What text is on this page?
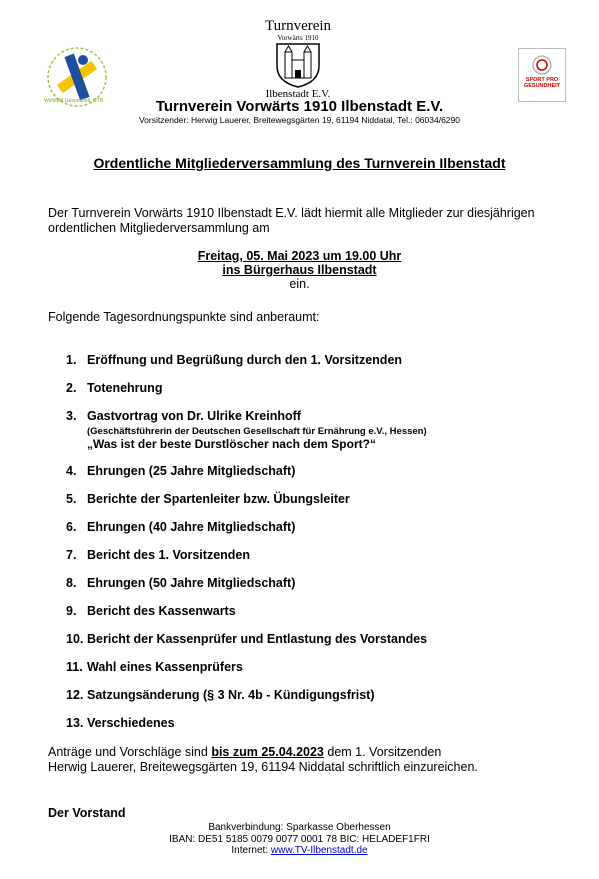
Wohlfühl Gesundheit. DTB
Turnverein
Vorwärts 1910
Ilbenstadt E.V.
SPORT PRO GESUNDHEIT
Turnverein Vorwärts 1910 Ilbenstadt E.V.
Vorsitzender: Herwig Lauerer, Breitewegsgärten 19, 61194 Niddatal, Tel.: 06034/6290
Ordentliche Mitgliederversammlung des Turnverein Ilbenstadt
Der Turnverein Vorwärts 1910 Ilbenstadt E.V. lädt hiermit alle Mitglieder zur diesjährigen
ordentlichen Mitgliederversammlung am
Freitag, 05. Mai 2023 um 19.00 Uhr
ins Bürgerhaus Ilbenstadt
ein.
Folgende Tagesordnungspunkte sind anberaumt:
1. Eröffnung und Begrüßung durch den 1. Vorsitzenden
2. Totenehrung
3. Gastvortrag von Dr. Ulrike Kreinhoff
(Geschäftsführerin der Deutschen Gesellschaft für Ernährung e.V., Hessen)
„Was ist der beste Durstlöscher nach dem Sport?“
4. Ehrungen (25 Jahre Mitgliedschaft)
5. Berichte der Spartenleiter bzw. Übungsleiter
6. Ehrungen (40 Jahre Mitgliedschaft)
7. Bericht des 1. Vorsitzenden
8. Ehrungen (50 Jahre Mitgliedschaft)
9. Bericht des Kassenwarts
10. Bericht der Kassenprüfer und Entlastung des Vorstandes
11. Wahl eines Kassenprüfers
12. Satzungsänderung (§ 3 Nr. 4b - Kündigungsfrist)
13. Verschiedenes
Anträge und Vorschläge sind bis zum 25.04.2023 dem 1. Vorsitzenden
Herwig Lauerer, Breitewegsgärten 19, 61194 Niddatal schriftlich einzureichen.
Der Vorstand
Bankverbindung: Sparkasse Oberhessen
IBAN: DE51 5185 0079 0077 0001 78 BIC: HELADEF1FRI
Internet: www.TV-Ilbenstadt.de
